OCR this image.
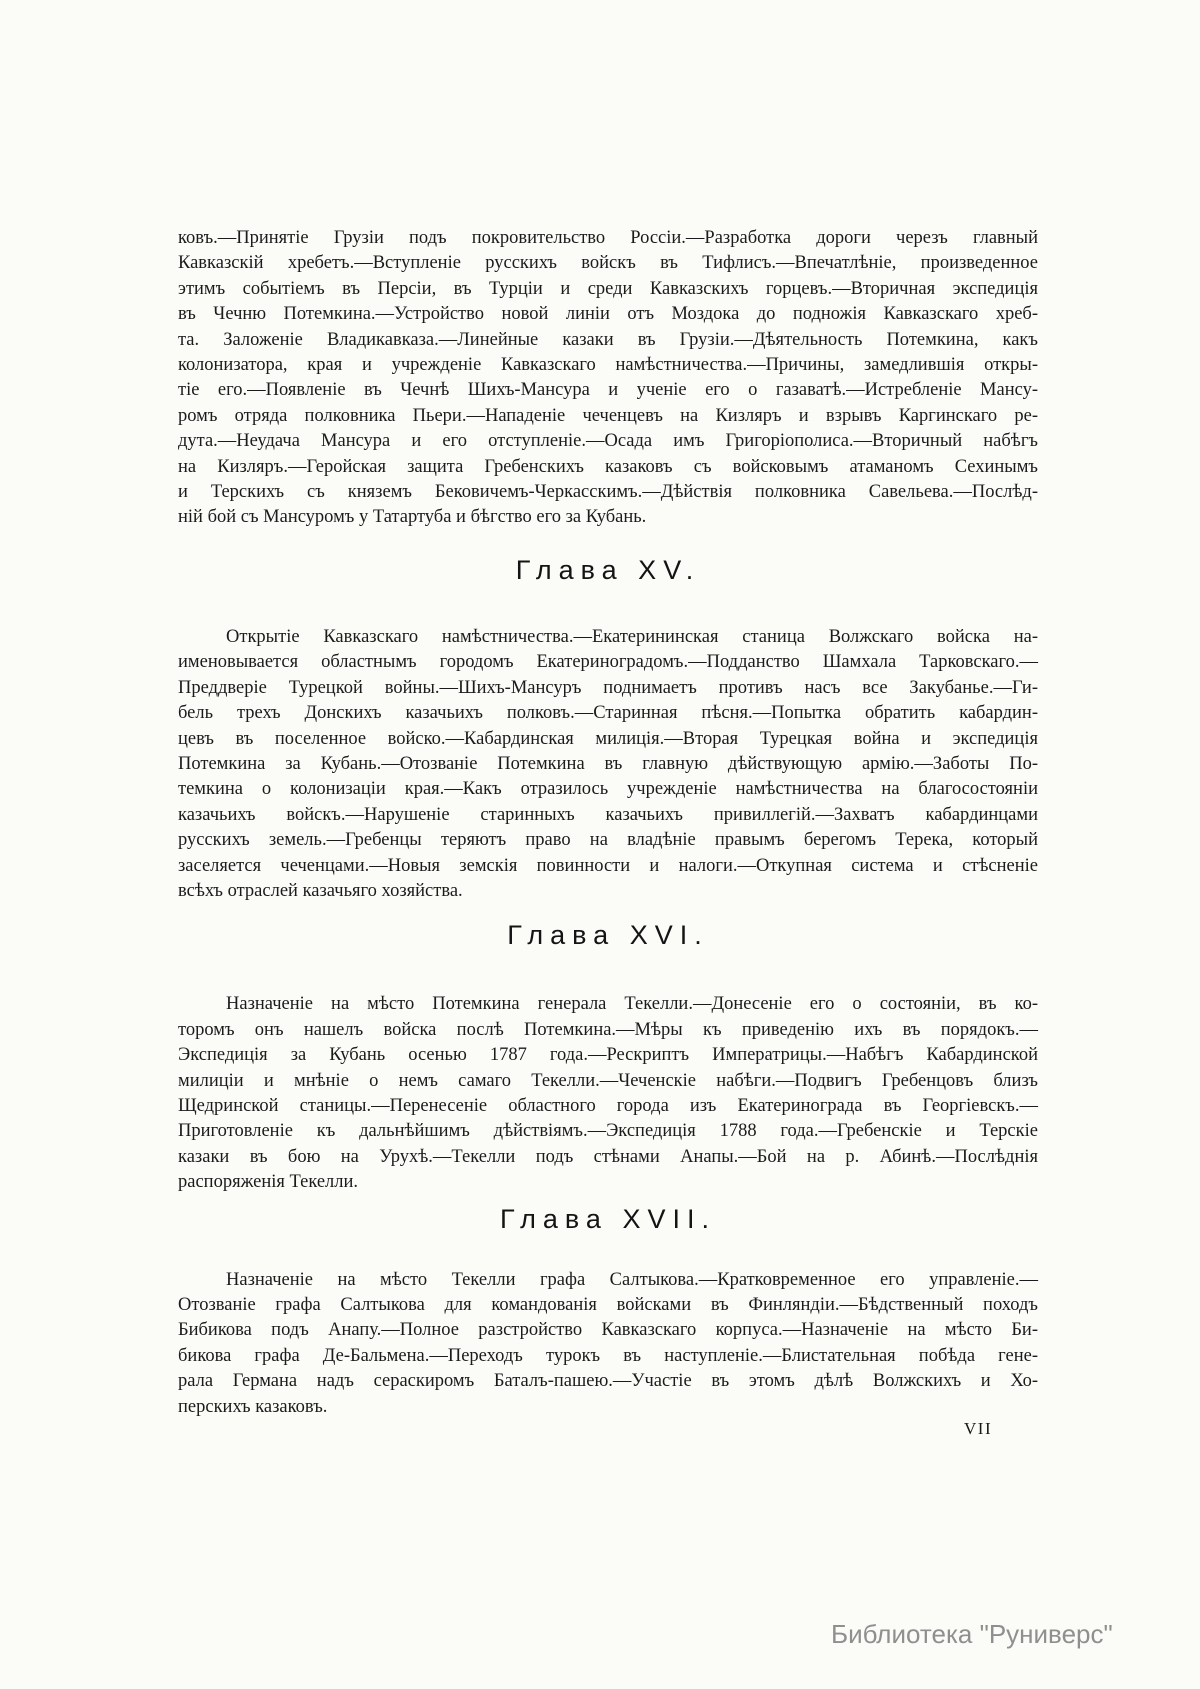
ковъ.—Принятіе Грузіи подъ покровительство Россіи.—Разработка дороги черезъ главный
Кавказскій хребетъ.—Вступленіе русскихъ войскъ въ Тифлисъ.—Впечатлѣніе, произведенное
этимъ событіемъ въ Персіи, въ Турціи и среди Кавказскихъ горцевъ.—Вторичная экспедиція
въ Чечню Потемкина.—Устройство новой линіи отъ Моздока до подножія Кавказскаго хреб-
та. Заложеніе Владикавказа.—Линейные казаки въ Грузіи.—Дѣятельность Потемкина, какъ
колонизатора, края и учрежденіе Кавказскаго намѣстничества.—Причины, замедлившія откры-
тіе его.—Появленіе въ Чечнѣ Шихъ-Мансура и ученіе его о газаватѣ.—Истребленіе Мансу-
ромъ отряда полковника Пьери.—Нападеніе чеченцевъ на Кизляръ и взрывъ Каргинскаго ре-
дута.—Неудача Мансура и его отступленіе.—Осада имъ Григоріополиса.—Вторичный набѣгъ
на Кизляръ.—Геройская защита Гребенскихъ казаковъ съ войсковымъ атаманомъ Сехинымъ
и Терскихъ съ княземъ Бековичемъ-Черкасскимъ.—Дѣйствія полковника Савельева.—Послѣд-
ній бой съ Мансуромъ у Татартуба и бѣгство его за Кубань.
Глава XV.
Открытіе Кавказскаго намѣстничества.—Екатерининская станица Волжскаго войска на-
именовывается областнымъ городомъ Екатериноградомъ.—Подданство Шамхала Тарковскаго.—
Преддверіе Турецкой войны.—Шихъ-Мансуръ поднимаетъ противъ насъ все Закубанье.—Ги-
бель трехъ Донскихъ казачьихъ полковъ.—Старинная пѣсня.—Попытка обратить кабардин-
цевъ въ поселенное войско.—Кабардинская милиція.—Вторая Турецкая война и экспедиція
Потемкина за Кубань.—Отозваніе Потемкина въ главную дѣйствующую армію.—Заботы По-
темкина о колонизаціи края.—Какъ отразилось учрежденіе намѣстничества на благосостояніи
казачьихъ войскъ.—Нарушеніе старинныхъ казачьихъ привиллегій.—Захватъ кабардинцами
русскихъ земель.—Гребенцы теряютъ право на владѣніе правымъ берегомъ Терека, который
заселяется чеченцами.—Новыя земскія повинности и налоги.—Откупная система и стѣсненіе
всѣхъ отраслей казачьяго хозяйства.
Глава XVI.
Назначеніе на мѣсто Потемкина генерала Текелли.—Донесеніе его о состояніи, въ ко-
торомъ онъ нашелъ войска послѣ Потемкина.—Мѣры къ приведенію ихъ въ порядокъ.—
Экспедиція за Кубань осенью 1787 года.—Рескриптъ Императрицы.—Набѣгъ Кабардинской
милиціи и мнѣніе о немъ самаго Текелли.—Чеченскіе набѣги.—Подвигъ Гребенцовъ близъ
Щедринской станицы.—Перенесеніе областного города изъ Екатеринограда въ Георгіевскъ.—
Приготовленіе къ дальнѣйшимъ дѣйствіямъ.—Экспедиція 1788 года.—Гребенскіе и Терскіе
казаки въ бою на Урухѣ.—Текелли подъ стѣнами Анапы.—Бой на р. Абинѣ.—Послѣднія
распоряженія Текелли.
Глава XVII.
Назначеніе на мѣсто Текелли графа Салтыкова.—Кратковременное его управленіе.—
Отозваніе графа Салтыкова для командованія войсками въ Финляндіи.—Бѣдственный походъ
Бибикова подъ Анапу.—Полное разстройство Кавказскаго корпуса.—Назначеніе на мѣсто Би-
бикова графа Де-Бальмена.—Переходъ турокъ въ наступленіе.—Блистательная побѣда гене-
рала Германа надъ сераскиромъ Баталъ-пашею.—Участіе въ этомъ дѣлѣ Волжскихъ и Хо-
перскихъ казаковъ.
VII
Библиотека "Руниверс"
